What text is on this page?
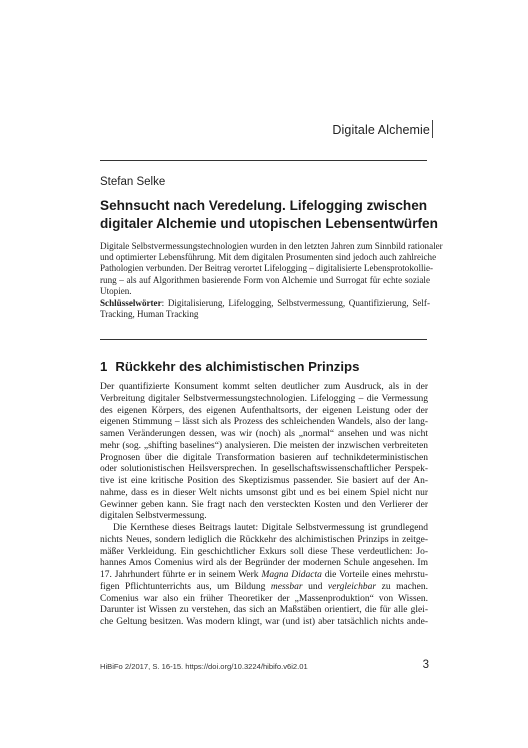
Digitale Alchemie
Stefan Selke
Sehnsucht nach Veredelung. Lifelogging zwischen
digitaler Alchemie und utopischen Lebensentwürfen
Digitale Selbstvermessungstechnologien wurden in den letzten Jahren zum Sinnbild rationaler
und optimierter Lebensführung. Mit dem digitalen Prosumenten sind jedoch auch zahlreiche
Pathologien verbunden. Der Beitrag verortet Lifelogging – digitalisierte Lebensprotokollie-
rung – als auf Algorithmen basierende Form von Alchemie und Surrogat für echte soziale
Utopien.
Schlüsselwörter: Digitalisierung, Lifelogging, Selbstvermessung, Quantifizierung, Self-
Tracking, Human Tracking
1 Rückkehr des alchimistischen Prinzips
Der quantifizierte Konsument kommt selten deutlicher zum Ausdruck, als in der
Verbreitung digitaler Selbstvermessungstechnologien. Lifelogging – die Vermessung
des eigenen Körpers, des eigenen Aufenthaltsorts, der eigenen Leistung oder der
eigenen Stimmung – lässt sich als Prozess des schleichenden Wandels, also der lang-
samen Veränderungen dessen, was wir (noch) als „normal“ ansehen und was nicht
mehr (sog. „shifting baselines“) analysieren. Die meisten der inzwischen verbreiteten
Prognosen über die digitale Transformation basieren auf technikdeterministischen
oder solutionistischen Heilsversprechen. In gesellschaftswissenschaftlicher Perspek-
tive ist eine kritische Position des Skeptizismus passender. Sie basiert auf der An-
nahme, dass es in dieser Welt nichts umsonst gibt und es bei einem Spiel nicht nur
Gewinner geben kann. Sie fragt nach den versteckten Kosten und den Verlierer der
digitalen Selbstvermessung.
Die Kernthese dieses Beitrags lautet: Digitale Selbstvermessung ist grundlegend
nichts Neues, sondern lediglich die Rückkehr des alchimistischen Prinzips in zeitge-
mäßer Verkleidung. Ein geschichtlicher Exkurs soll diese These verdeutlichen: Jo-
hannes Amos Comenius wird als der Begründer der modernen Schule angesehen. Im
17. Jahrhundert führte er in seinem Werk Magna Didacta die Vorteile eines mehrstu-
figen Pflichtunterrichts aus, um Bildung messbar und vergleichbar zu machen.
Comenius war also ein früher Theoretiker der „Massenproduktion“ von Wissen.
Darunter ist Wissen zu verstehen, das sich an Maßstäben orientiert, die für alle glei-
che Geltung besitzen. Was modern klingt, war (und ist) aber tatsächlich nichts ande-
HiBiFo 2/2017, S. 16-15. https://doi.org/10.3224/hibifo.v6i2.01	3
